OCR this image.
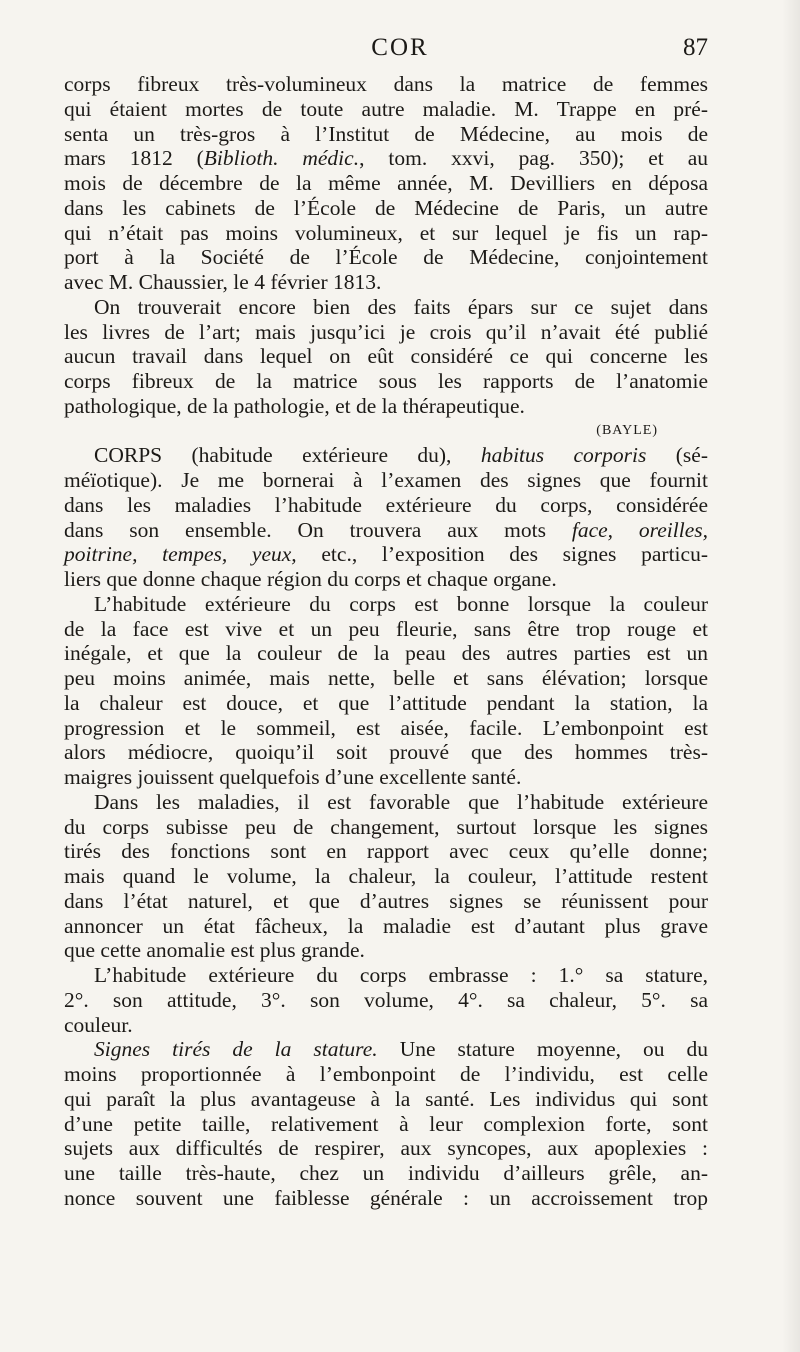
COR	87
corps fibreux très-volumineux dans la matrice de femmes
qui étaient mortes de toute autre maladie. M. Trappe en pré-
senta un très-gros à l’Institut de Médecine, au mois de
mars 1812 (Biblioth. médic., tom. xxvi, pag. 350); et au
mois de décembre de la même année, M. Devilliers en déposa
dans les cabinets de l’École de Médecine de Paris, un autre
qui n’était pas moins volumineux, et sur lequel je fis un rap-
port à la Société de l’École de Médecine, conjointement
avec M. Chaussier, le 4 février 1813.
On trouverait encore bien des faits épars sur ce sujet dans
les livres de l’art; mais jusqu’ici je crois qu’il n’avait été publié
aucun travail dans lequel on eût considéré ce qui concerne les
corps fibreux de la matrice sous les rapports de l’anatomie
pathologique, de la pathologie, et de la thérapeutique.
(BAYLE)
CORPS (habitude extérieure du), habitus corporis (sé-
méïotique). Je me bornerai à l’examen des signes que fournit
dans les maladies l’habitude extérieure du corps, considérée
dans son ensemble. On trouvera aux mots face, oreilles,
poitrine, tempes, yeux, etc., l’exposition des signes particu-
liers que donne chaque région du corps et chaque organe.
L’habitude extérieure du corps est bonne lorsque la couleur
de la face est vive et un peu fleurie, sans être trop rouge et
inégale, et que la couleur de la peau des autres parties est un
peu moins animée, mais nette, belle et sans élévation; lorsque
la chaleur est douce, et que l’attitude pendant la station, la
progression et le sommeil, est aisée, facile. L’embonpoint est
alors médiocre, quoiqu’il soit prouvé que des hommes très-
maigres jouissent quelquefois d’une excellente santé.
Dans les maladies, il est favorable que l’habitude extérieure
du corps subisse peu de changement, surtout lorsque les signes
tirés des fonctions sont en rapport avec ceux qu’elle donne;
mais quand le volume, la chaleur, la couleur, l’attitude restent
dans l’état naturel, et que d’autres signes se réunissent pour
annoncer un état fâcheux, la maladie est d’autant plus grave
que cette anomalie est plus grande.
L’habitude extérieure du corps embrasse : 1.° sa stature,
2°. son attitude, 3°. son volume, 4°. sa chaleur, 5°. sa
couleur.
Signes tirés de la stature. Une stature moyenne, ou du
moins proportionnée à l’embonpoint de l’individu, est celle
qui paraît la plus avantageuse à la santé. Les individus qui sont
d’une petite taille, relativement à leur complexion forte, sont
sujets aux difficultés de respirer, aux syncopes, aux apoplexies :
une taille très-haute, chez un individu d’ailleurs grêle, an-
nonce souvent une faiblesse générale : un accroissement trop
